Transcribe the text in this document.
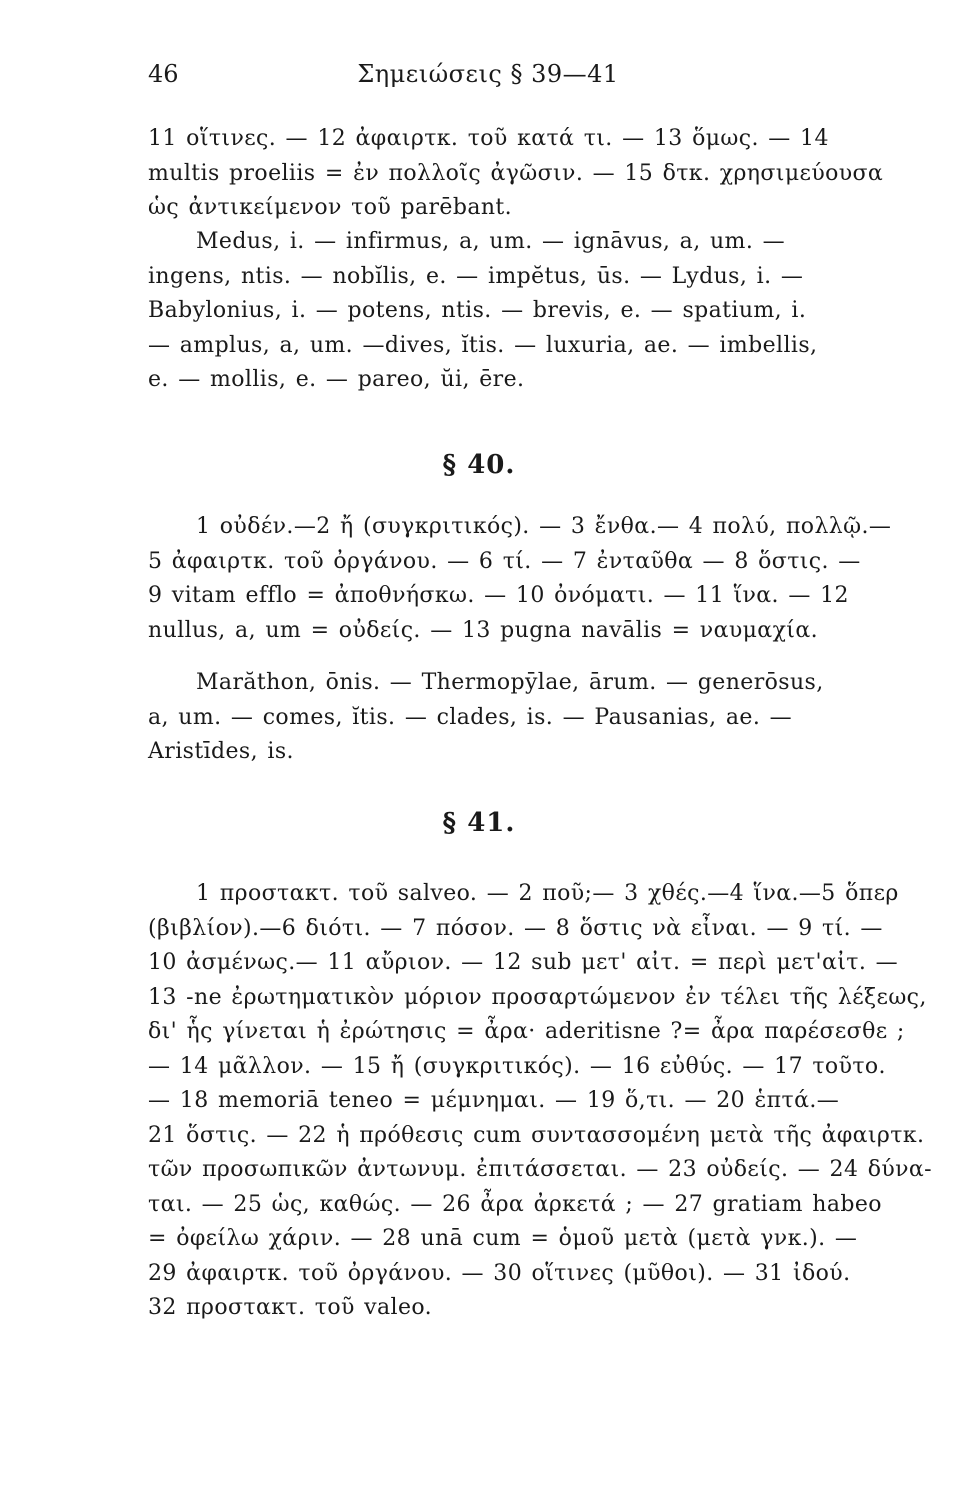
46	Σημειώσεις § 39—41
11 οἵτινες. — 12 ἀφαιρτκ. τοῦ κατά τι. — 13 ὅμως. — 14
multis proeliis = ἐν πολλοῖς ἀγῶσιν. — 15 δτκ. χρησιμεύουσα
ὡς ἀντικείμενον τοῦ parēbant.
Medus, i. — infirmus, a, um. — ignāvus, a, um. —
ingens, ntis. — nobĭlis, e. — impĕtus, ūs. — Lydus, i. —
Babylonius, i. — potens, ntis. — brevis, e. — spatium, i.
— amplus, a, um. —dives, ĭtis. — luxuria, ae. — imbellis,
e. — mollis, e. — pareo, ŭi, ēre.
§ 40.
1 οὐδέν.—2 ἤ (συγκριτικός). — 3 ἔνθα.— 4 πολύ, πολλῷ.—
5 ἀφαιρτκ. τοῦ ὀργάνου. — 6 τί. — 7 ἐνταῦθα — 8 ὅστις. —
9 vitam efflo = ἀποθνήσκω. — 10 ὀνόματι. — 11 ἵνα. — 12
nullus, a, um = οὐδείς. — 13 pugna navālis = ναυμαχία.
Marăthon, ōnis. — Thermopȳlae, ārum. — generōsus,
a, um. — comes, ĭtis. — clades, is. — Pausanias, ae. —
Aristīdes, is.
§ 41.
1 προστακτ. τοῦ salveo. — 2 ποῦ;— 3 χθές.—4 ἵνα.—5 ὅπερ
(βιβλίον).—6 διότι. — 7 πόσον. — 8 ὅστις νὰ εἶναι. — 9 τί. —
10 ἀσμένως.— 11 αὔριον. — 12 sub μετ' αἰτ. = περὶ μετ'αἰτ. —
13 -ne ἐρωτηματικὸν μόριον προσαρτώμενον ἐν τέλει τῆς λέξεως,
δι' ἧς γίνεται ἡ ἐρώτησις = ἆρα· aderitisne ?= ἆρα παρέσεσθε ;
— 14 μᾶλλον. — 15 ἤ (συγκριτικός). — 16 εὐθύς. — 17 τοῦτο.
— 18 memoriā teneo = μέμνημαι. — 19 ὅ,τι. — 20 ἑπτά.—
21 ὅστις. — 22 ἡ πρόθεσις cum συντασσομένη μετὰ τῆς ἀφαιρτκ.
τῶν προσωπικῶν ἀντωνυμ. ἐπιτάσσεται. — 23 οὐδείς. — 24 δύνα-
ται. — 25 ὡς, καθώς. — 26 ἆρα ἀρκετά ; — 27 gratiam habeo
= ὀφείλω χάριν. — 28 unā cum = ὁμοῦ μετὰ (μετὰ γνκ.). —
29 ἀφαιρτκ. τοῦ ὀργάνου. — 30 οἵτινες (μῦθοι). — 31 ἰδού.
32 προστακτ. τοῦ valeo.
